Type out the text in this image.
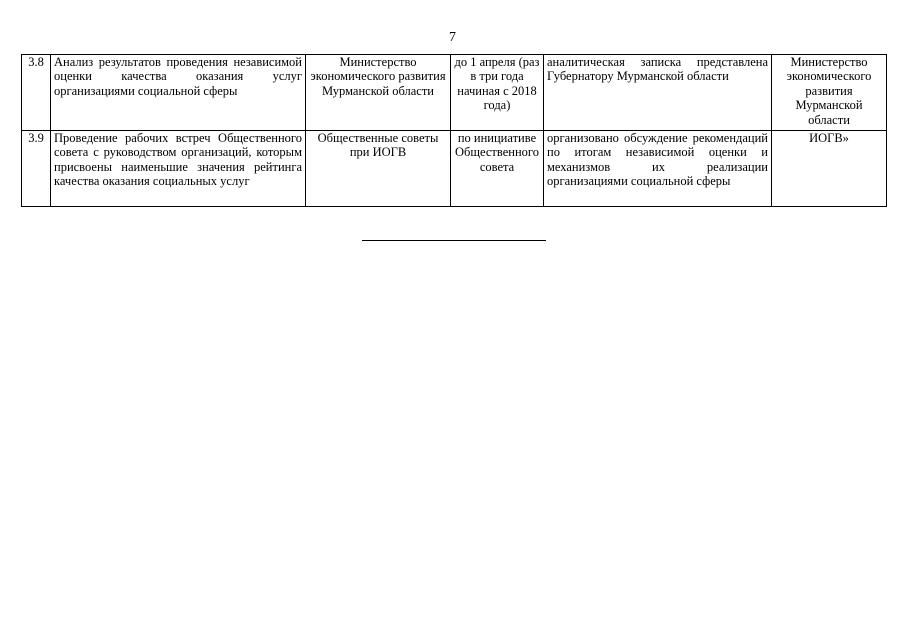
7
3.8	Анализ результатов проведения независимой оценки качества оказания услуг организациями социальной сферы	Министерство экономического развития Мурманской области	до 1 апреля (раз в три года начиная с 2018 года)	аналитическая записка представлена Губернатору Мурманской области	Министерство экономического развития Мурманской области

3.9	Проведение рабочих встреч Общественного совета с руководством организаций, которым присвоены наименьшие значения рейтинга качества оказания социальных услуг	Общественные советы при ИОГВ	по инициативе Общественного совета	организовано обсуждение рекомендаций по итогам независимой оценки и механизмов их реализации организациями социальной сферы	ИОГВ»
